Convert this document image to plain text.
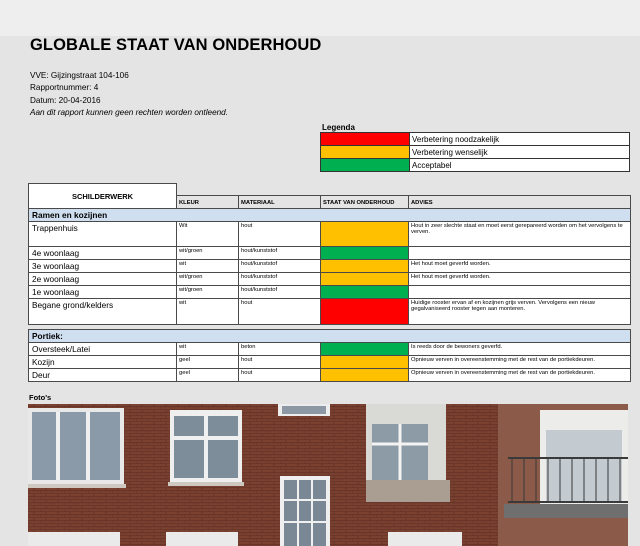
GLOBALE STAAT VAN ONDERHOUD
VVE: Gijzingstraat 104-106
Rapportnummer: 4
Datum: 20-04-2016
Aan dit rapport kunnen geen rechten worden ontleend.
Legenda
	Verbetering noodzakelijk
	Verbetering wenselijk
	Acceptabel
SCHILDERWERK				
	KLEUR	MATERIAAL	STAAT VAN ONDERHOUD	ADVIES
Ramen en kozijnen				
Trappenhuis	Wit	hout		Hout in zeer slechte staat en moet eerst gerepareerd worden om het vervolgens te verven.
4e woonlaag	wit/groen	hout/kunststof		
3e woonlaag	wit	hout/kunststof		Het hout moet geverfd worden.
2e woonlaag	wit/groen	hout/kunststof		Het hout moet geverfd worden.
1e woonlaag	wit/groen	hout/kunststof		
Begane grond/kelders	wit	hout		Huidige rooster ervan af en kozijnen grijs verven. Vervolgens een nieuw gegalvaniseerd rooster tegen aan monteren.

Portiek:				
Oversteek/Latei	wit	beton		Is reeds door de bewoners geverfd.
Kozijn	geel	hout		Opnieuw verven in overeenstemming met de rest van de portiekdeuren.
Deur	geel	hout		Opnieuw verven in overeenstemming met de rest van de portiekdeuren.
Foto's
